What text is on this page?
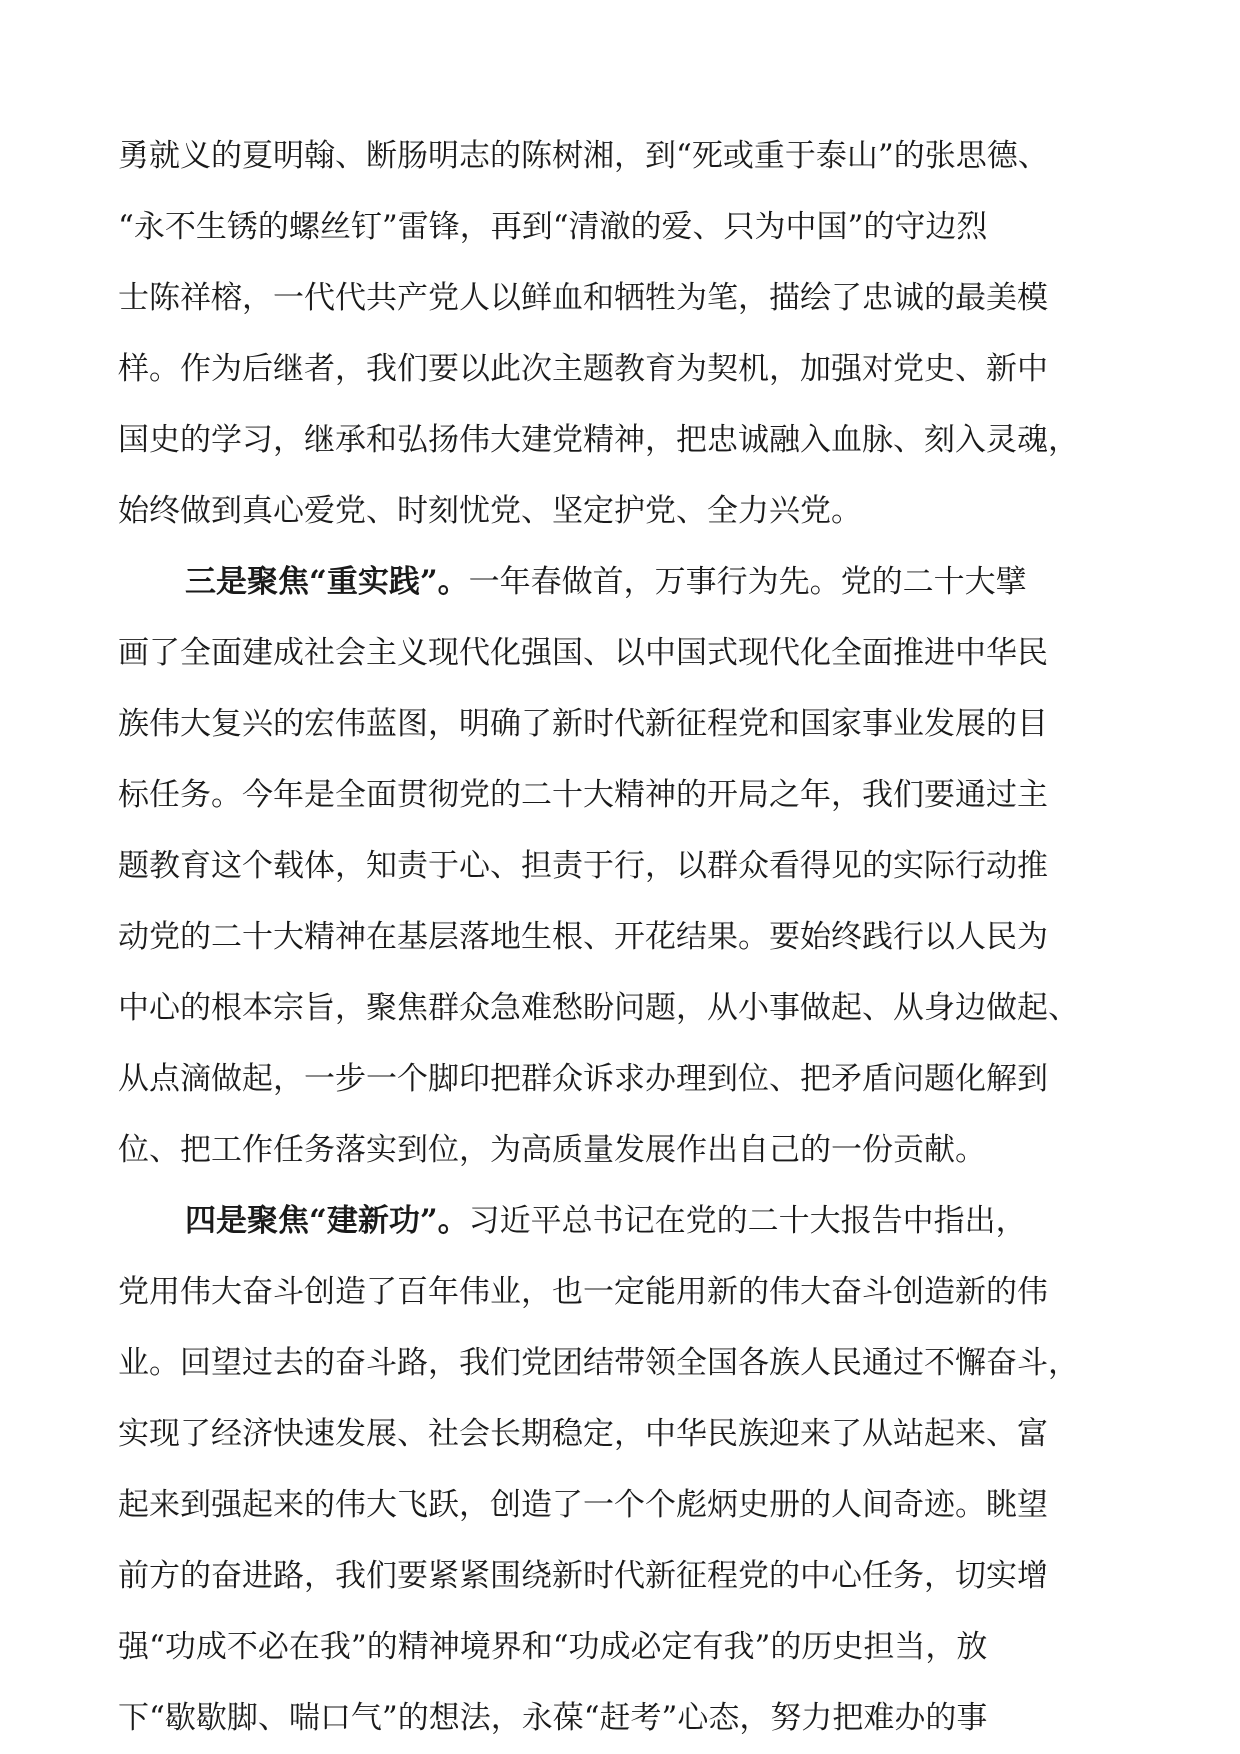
勇就义的夏明翰、断肠明志的陈树湘，到“死或重于泰山”的张思德、
“永不生锈的螺丝钉”雷锋，再到“清澈的爱、只为中国”的守边烈
士陈祥榕，一代代共产党人以鲜血和牺牲为笔，描绘了忠诚的最美模
样。作为后继者，我们要以此次主题教育为契机，加强对党史、新中
国史的学习，继承和弘扬伟大建党精神，把忠诚融入血脉、刻入灵魂，
始终做到真心爱党、时刻忧党、坚定护党、全力兴党。
三是聚焦“重实践”。一年春做首，万事行为先。党的二十大擘
画了全面建成社会主义现代化强国、以中国式现代化全面推进中华民
族伟大复兴的宏伟蓝图，明确了新时代新征程党和国家事业发展的目
标任务。今年是全面贯彻党的二十大精神的开局之年，我们要通过主
题教育这个载体，知责于心、担责于行，以群众看得见的实际行动推
动党的二十大精神在基层落地生根、开花结果。要始终践行以人民为
中心的根本宗旨，聚焦群众急难愁盼问题，从小事做起、从身边做起、
从点滴做起，一步一个脚印把群众诉求办理到位、把矛盾问题化解到
位、把工作任务落实到位，为高质量发展作出自己的一份贡献。
四是聚焦“建新功”。习近平总书记在党的二十大报告中指出，
党用伟大奋斗创造了百年伟业，也一定能用新的伟大奋斗创造新的伟
业。回望过去的奋斗路，我们党团结带领全国各族人民通过不懈奋斗，
实现了经济快速发展、社会长期稳定，中华民族迎来了从站起来、富
起来到强起来的伟大飞跃，创造了一个个彪炳史册的人间奇迹。眺望
前方的奋进路，我们要紧紧围绕新时代新征程党的中心任务，切实增
强“功成不必在我”的精神境界和“功成必定有我”的历史担当，放
下“歇歇脚、喘口气”的想法，永葆“赶考”心态，努力把难办的事
